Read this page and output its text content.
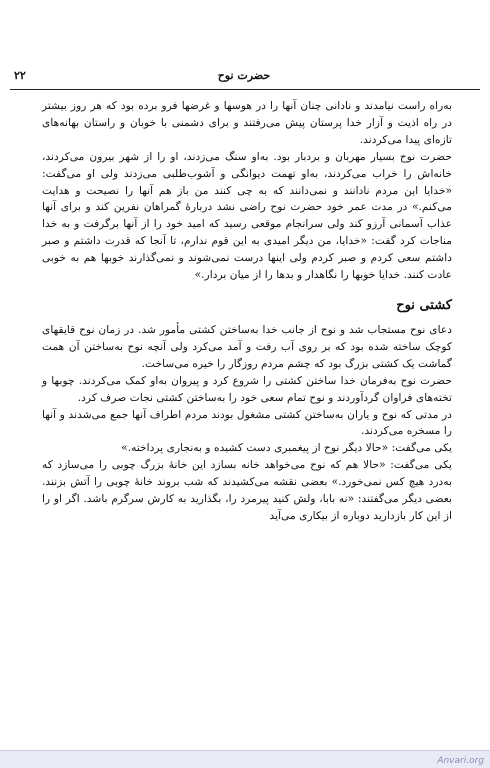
۲۲	حضرت نوح

به‌راه راست نیامدند و نادانی چنان آنها را در هوسها و غرضها فرو برده بود که هر روز بیشتر در راه اذیت و آزار خدا پرستان پیش می‌رفتند و برای دشمنی با خوبان و راستان بهانه‌های تازه‌ای پیدا می‌کردند.

حضرت نوح بسیار مهربان و بردبار بود. به‌او سنگ می‌زدند، او را از شهر بیرون می‌کردند، خانه‌اش را خراب می‌کردند، به‌او تهمت دیوانگی و آشوب‌طلبی می‌زدند ولی او می‌گفت: «خدایا این مردم نادانند و نمی‌دانند که به‌ چی کنند من باز هم آنها را نصیحت و هدایت می‌کنم.» در مدت عمر خود حضرت نوح راضی نشد دربارهٔ گمراهان نفرین کند و برای آنها عذاب آسمانی آرزو کند ولی سرانجام موقعی رسید که امید خود را از آنها برگرفت و به خدا مناجات کرد گفت: «خدایا، من دیگر امیدی به این قوم ندارم، تا آنجا که قدرت داشتم و صبر داشتم سعی کردم و صبر کردم ولی اینها درست نمی‌شوند و نمی‌گذارند خوبها هم به خوبی عادت کنند. خدایا خوبها را نگاهدار و بدها را از میان بردار.»

کشتی نوح

دعای نوح مستجاب شد و نوح از جانب خدا به‌ساختن کشتی مأمور شد. در زمان نوح قایقهای کوچک ساخته شده بود که بر روی آب رفت و آمد می‌کرد ولی آنچه نوح به‌ساختن آن همت گماشت یک کشتی بزرگ بود که چشم مردم روزگار را خیره می‌ساخت.

حضرت نوح به‌فرمان خدا ساختن کشتی را شروع کرد و پیروان به‌او کمک می‌کردند. چوبها و تخته‌های فراوان گردآوردند و نوح تمام سعی خود را به‌ساختن کشتی نجات صرف کرد.

در مدتی که نوح و یاران به‌ساختن کشتی مشغول بودند مردم اطراف آنها جمع می‌شدند و آنها را مسخره می‌کردند.

یکی می‌گفت: «حالا دیگر نوح از پیغمبری دست کشیده و به‌نجاری پرداخته.»

یکی می‌گفت: «حالا هم که نوح می‌خواهد خانه بسازد این خانهٔ بزرگ چوبی را می‌سازد که به‌درد هیچ کس نمی‌خورد.» بعضی نقشه می‌کشیدند که شب بروند خانهٔ چوبی را آتش بزنند. بعضی دیگر می‌گفتند: «نه بابا، ولش کنید پیرمرد را، بگذارید به کارش سرگرم باشد. اگر او را از این کار بازدارید دوباره از بیکاری می‌آید

Anvari.org
